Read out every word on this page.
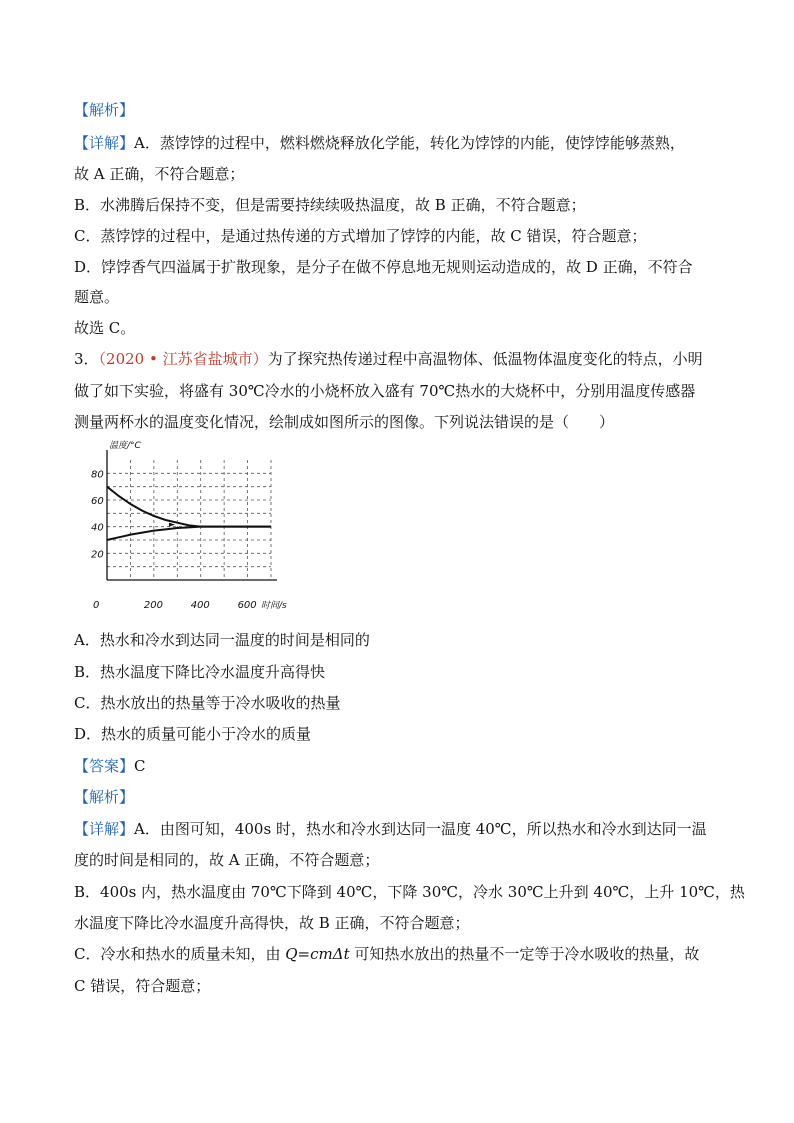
【解析】
【详解】A．蒸饽饽的过程中，燃料燃烧释放化学能，转化为饽饽的内能，使饽饽能够蒸熟，
故 A 正确，不符合题意；
B．水沸腾后保持不变，但是需要持续续吸热温度，故 B 正确，不符合题意；
C．蒸饽饽的过程中，是通过热传递的方式增加了饽饽的内能，故 C 错误，符合题意；
D．饽饽香气四溢属于扩散现象，是分子在做不停息地无规则运动造成的，故 D 正确，不符合
题意。
故选 C。
3．（2020 • 江苏省盐城市）为了探究热传递过程中高温物体、低温物体温度变化的特点，小明
做了如下实验，将盛有 30℃冷水的小烧杯放入盛有 70℃热水的大烧杯中，分别用温度传感器
测量两杯水的温度变化情况，绘制成如图所示的图像。下列说法错误的是（　　）
20
40
60
80
0	200	400	600
温度/°C
时间/s
A．热水和冷水到达同一温度的时间是相同的
B．热水温度下降比冷水温度升高得快
C．热水放出的热量等于冷水吸收的热量
D．热水的质量可能小于冷水的质量
【答案】C
【解析】
【详解】A．由图可知，400s 时，热水和冷水到达同一温度 40℃，所以热水和冷水到达同一温
度的时间是相同的，故 A 正确，不符合题意；
B．400s 内，热水温度由 70℃下降到 40℃，下降 30℃，冷水 30℃上升到 40℃，上升 10℃，热
水温度下降比冷水温度升高得快，故 B 正确，不符合题意；
C．冷水和热水的质量未知，由 Q=cmΔt 可知热水放出的热量不一定等于冷水吸收的热量，故
C 错误，符合题意；
